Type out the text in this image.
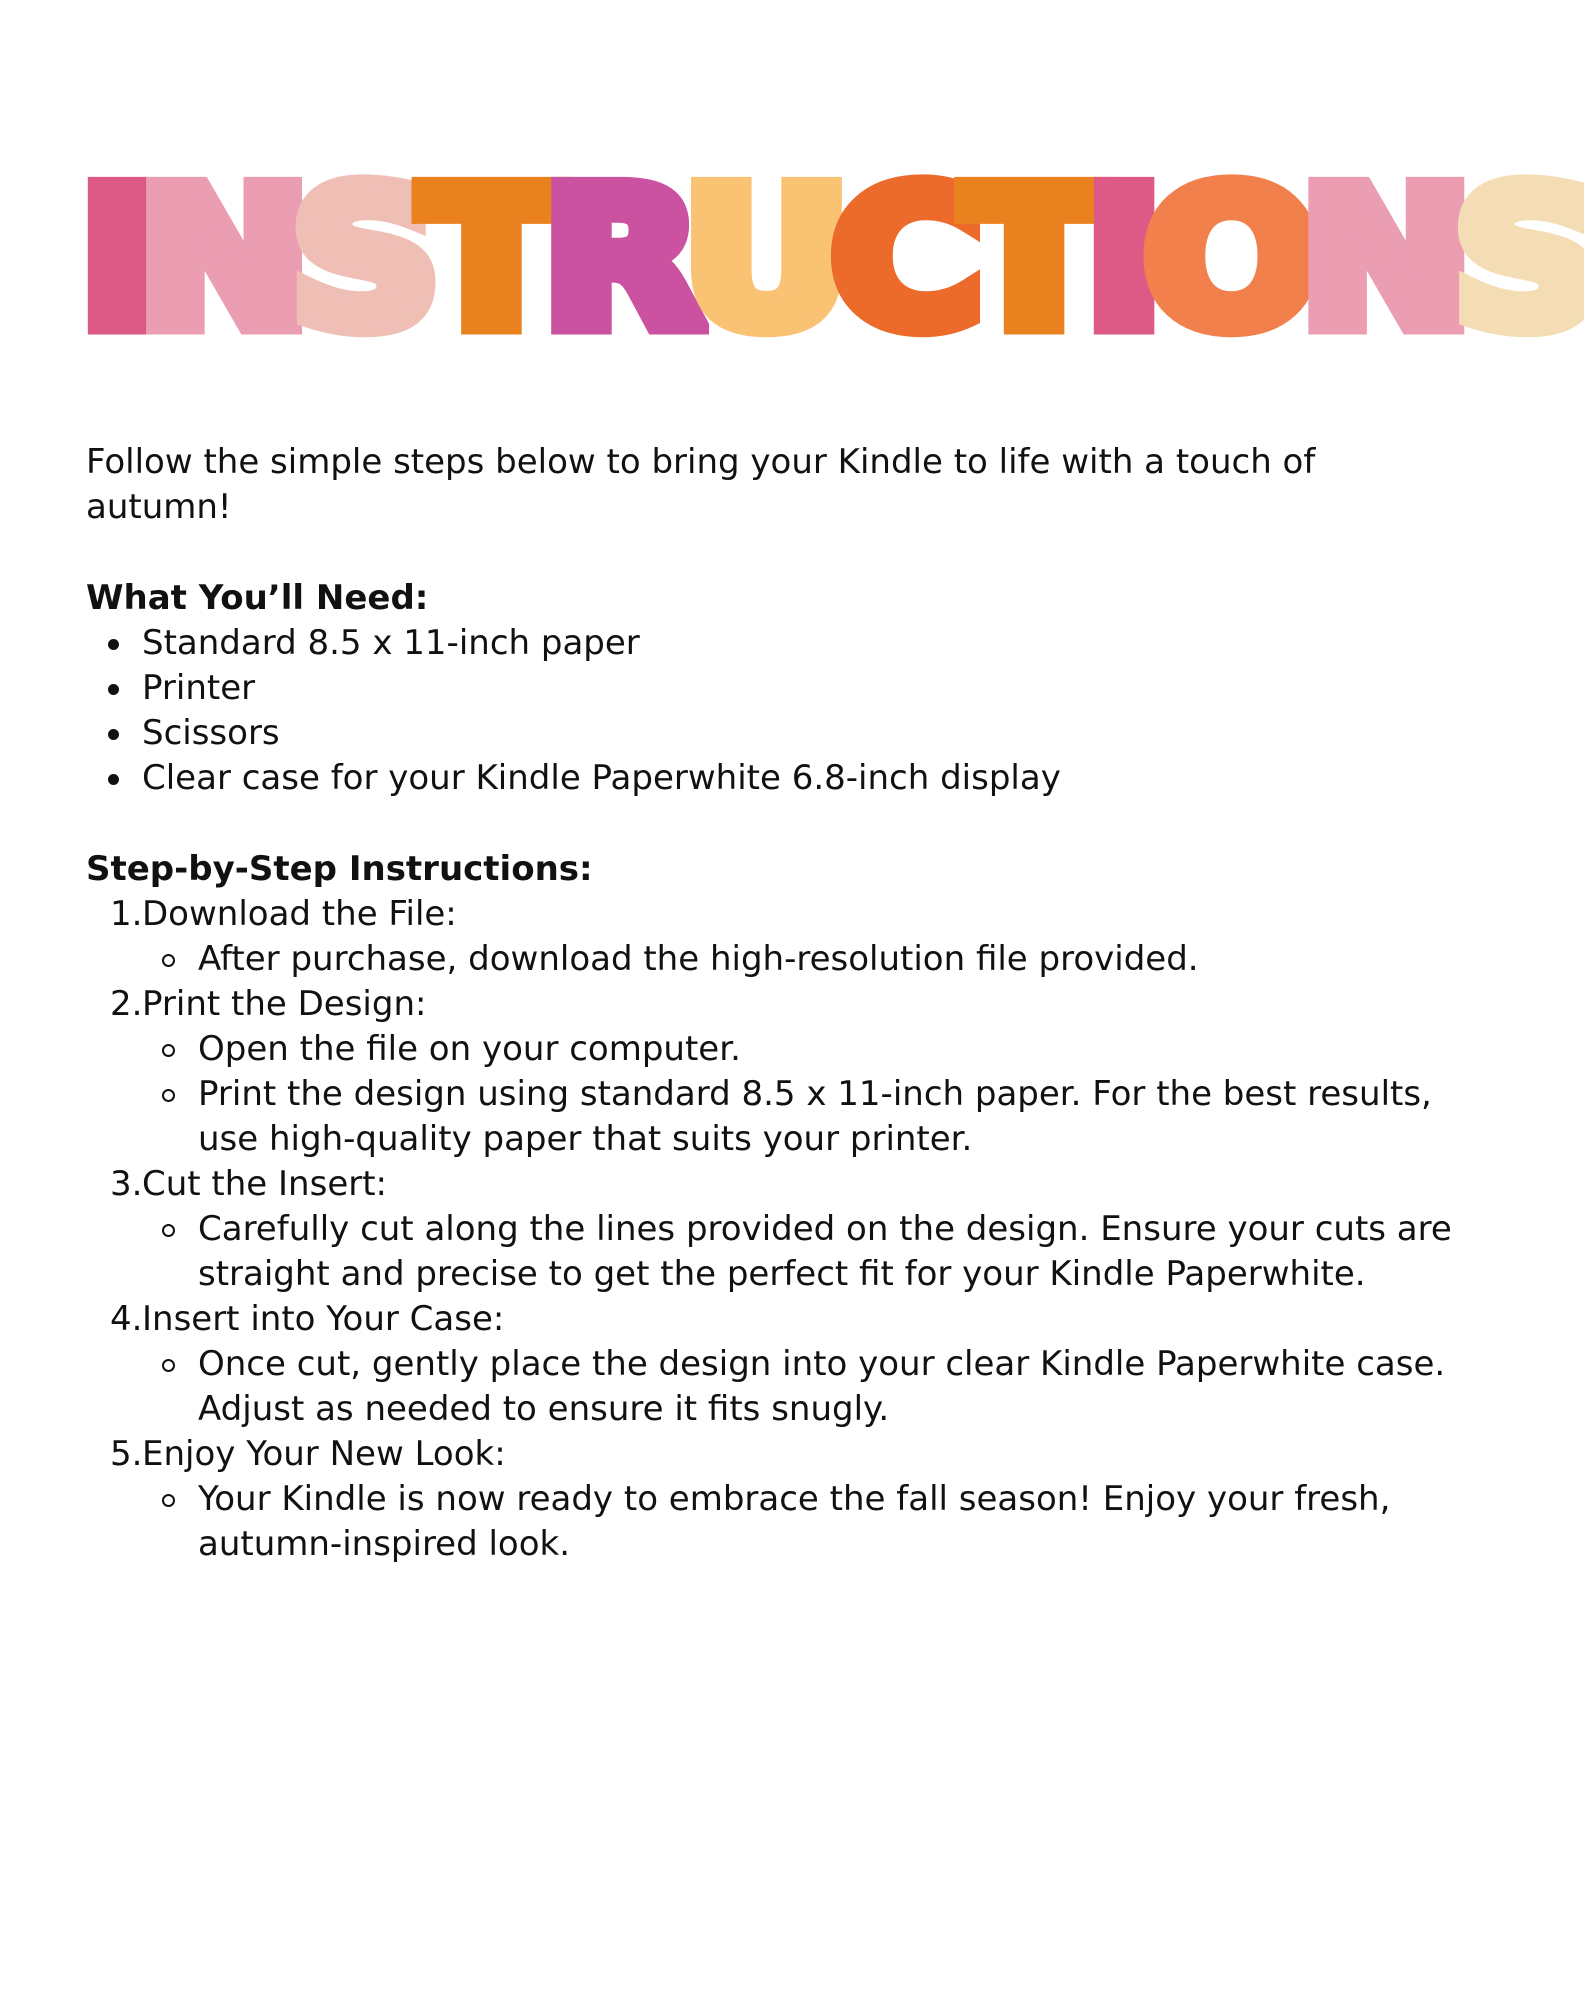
I N S T R U C T I O N S

Follow the simple steps below to bring your Kindle to life with a touch of autumn!

What You’ll Need:

Standard 8.5 x 11-inch paper
Printer
Scissors
Clear case for your Kindle Paperwhite 6.8-inch display

Step-by-Step Instructions:

1. Download the File:
After purchase, download the high-resolution file provided.
2. Print the Design:
Open the file on your computer.
Print the design using standard 8.5 x 11-inch paper. For the best results, use high-quality paper that suits your printer.
3. Cut the Insert:
Carefully cut along the lines provided on the design. Ensure your cuts are straight and precise to get the perfect fit for your Kindle Paperwhite.
4. Insert into Your Case:
Once cut, gently place the design into your clear Kindle Paperwhite case. Adjust as needed to ensure it fits snugly.
5. Enjoy Your New Look:
Your Kindle is now ready to embrace the fall season! Enjoy your fresh, autumn-inspired look.
